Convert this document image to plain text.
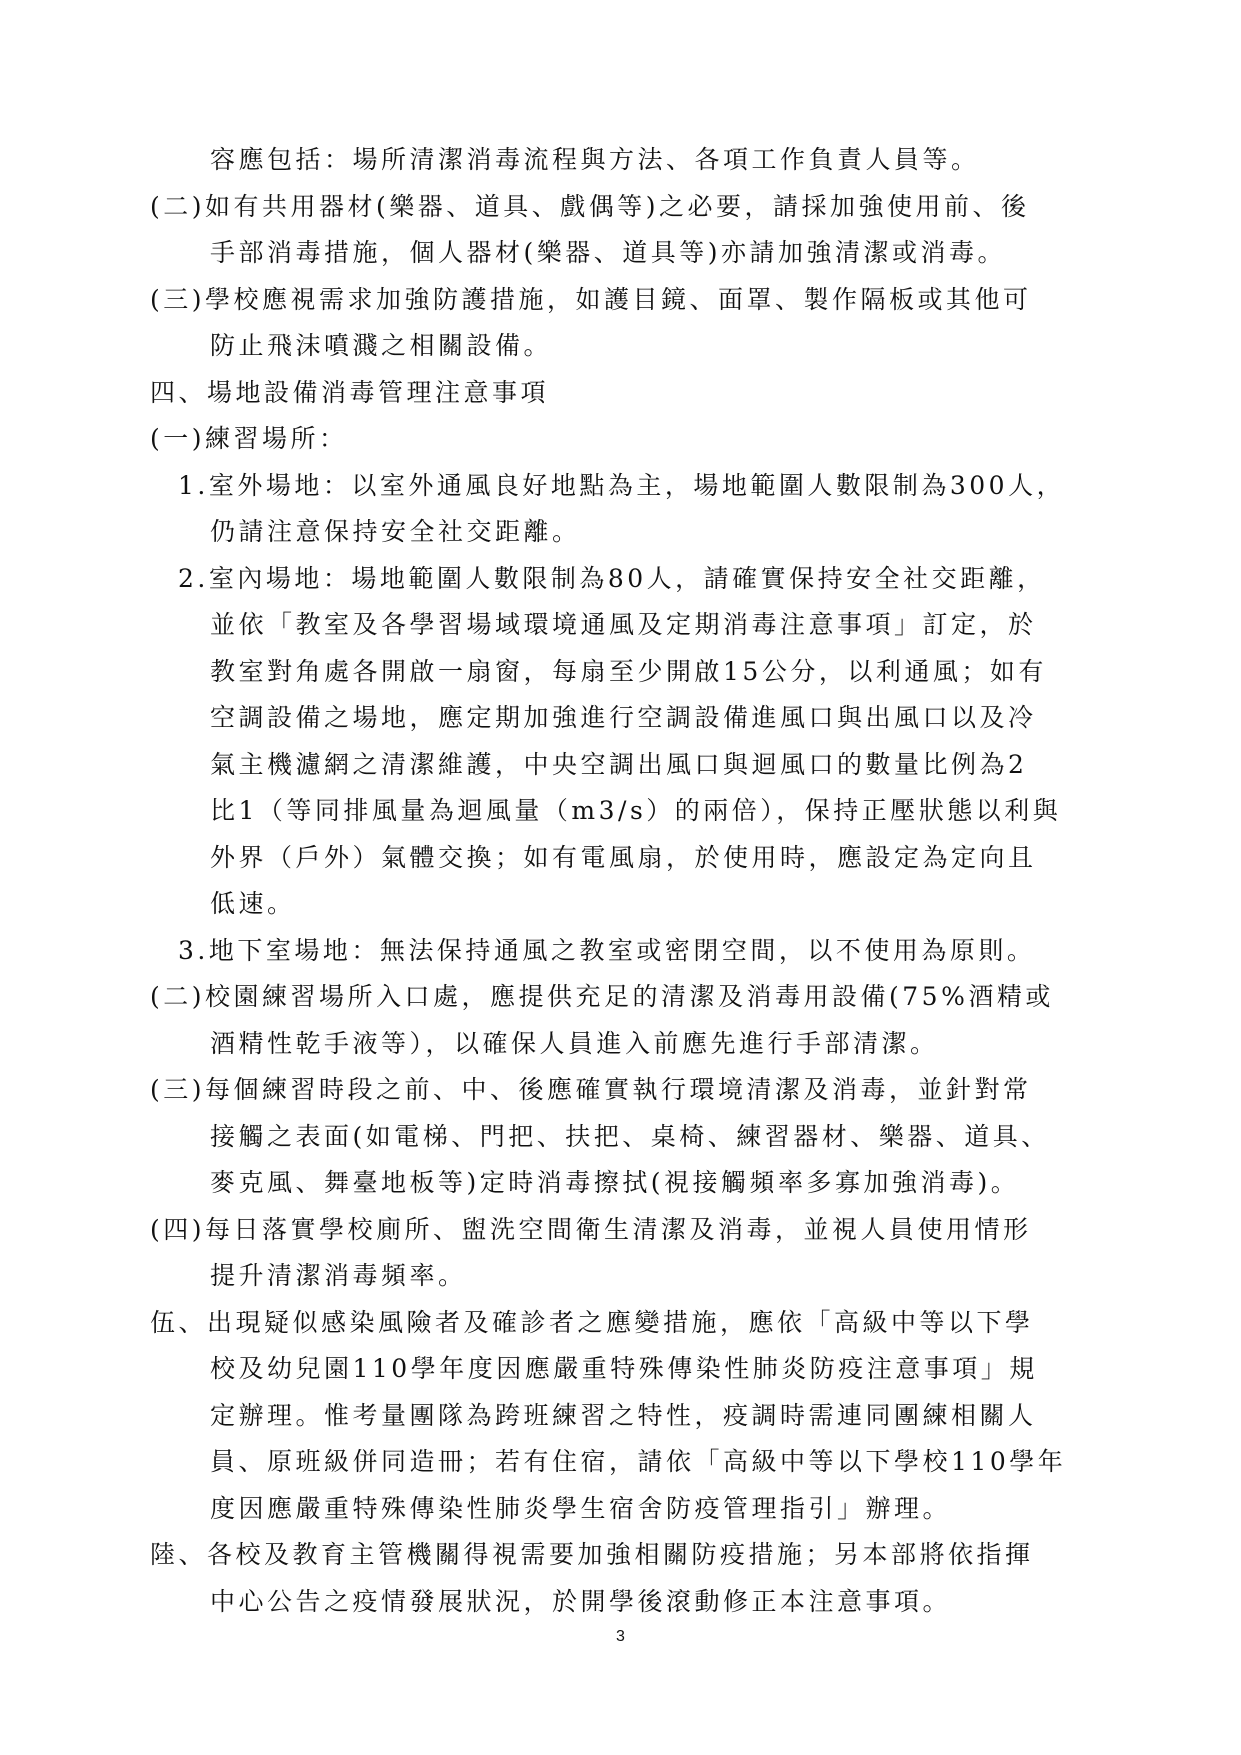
容應包括：場所清潔消毒流程與方法、各項工作負責人員等。
(二)如有共用器材(樂器、道具、戲偶等)之必要，請採加強使用前、後
手部消毒措施，個人器材(樂器、道具等)亦請加強清潔或消毒。
(三)學校應視需求加強防護措施，如護目鏡、面罩、製作隔板或其他可
防止飛沫噴濺之相關設備。
四、場地設備消毒管理注意事項
(一)練習場所：
1.室外場地：以室外通風良好地點為主，場地範圍人數限制為300人，
仍請注意保持安全社交距離。
2.室內場地：場地範圍人數限制為80人，請確實保持安全社交距離，
並依「教室及各學習場域環境通風及定期消毒注意事項」訂定，於
教室對角處各開啟一扇窗，每扇至少開啟15公分，以利通風；如有
空調設備之場地，應定期加強進行空調設備進風口與出風口以及冷
氣主機濾網之清潔維護，中央空調出風口與迴風口的數量比例為2
比1（等同排風量為迴風量（m3/s）的兩倍），保持正壓狀態以利與
外界（戶外）氣體交換；如有電風扇，於使用時，應設定為定向且
低速。
3.地下室場地：無法保持通風之教室或密閉空間，以不使用為原則。
(二)校園練習場所入口處，應提供充足的清潔及消毒用設備(75%酒精或
酒精性乾手液等），以確保人員進入前應先進行手部清潔。
(三)每個練習時段之前、中、後應確實執行環境清潔及消毒，並針對常
接觸之表面(如電梯、門把、扶把、桌椅、練習器材、樂器、道具、
麥克風、舞臺地板等)定時消毒擦拭(視接觸頻率多寡加強消毒)。
(四)每日落實學校廁所、盥洗空間衛生清潔及消毒，並視人員使用情形
提升清潔消毒頻率。
伍、出現疑似感染風險者及確診者之應變措施，應依「高級中等以下學
校及幼兒園110學年度因應嚴重特殊傳染性肺炎防疫注意事項」規
定辦理。惟考量團隊為跨班練習之特性，疫調時需連同團練相關人
員、原班級併同造冊；若有住宿，請依「高級中等以下學校110學年
度因應嚴重特殊傳染性肺炎學生宿舍防疫管理指引」辦理。
陸、各校及教育主管機關得視需要加強相關防疫措施；另本部將依指揮
中心公告之疫情發展狀況，於開學後滾動修正本注意事項。
3
